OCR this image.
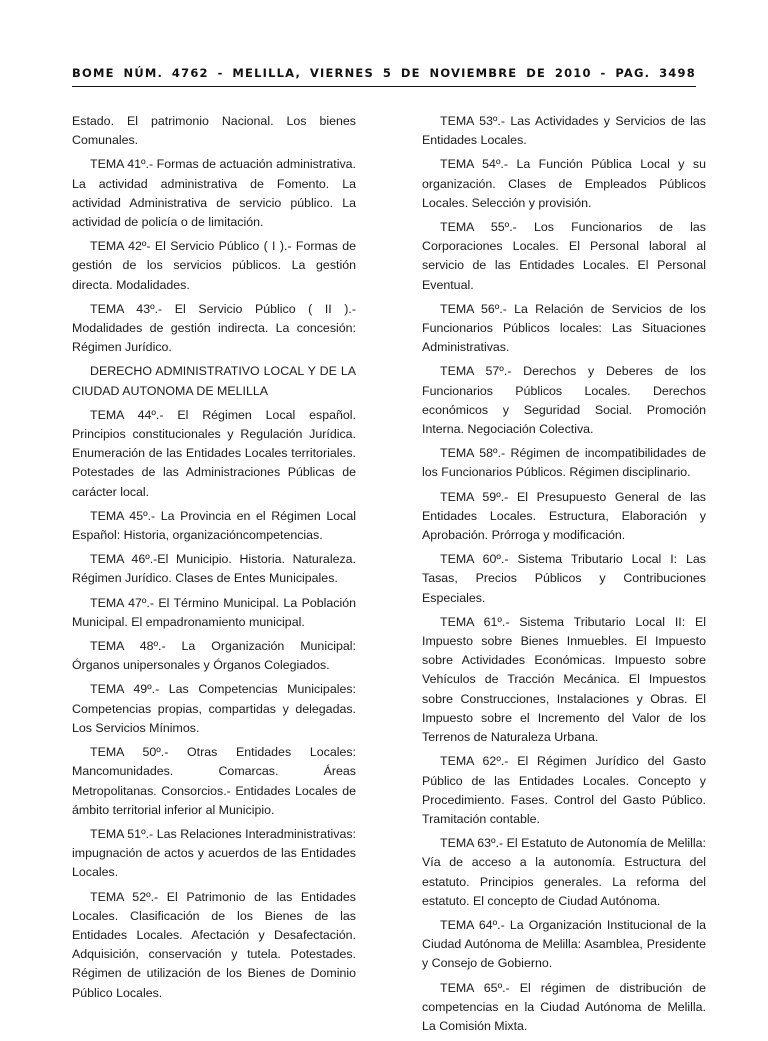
BOME NÚM. 4762 - MELILLA, VIERNES 5 DE NOVIEMBRE DE 2010 - PAG. 3498

Estado. El patrimonio Nacional. Los bienes Comunales.

TEMA 41º.- Formas de actuación administrativa. La actividad administrativa de Fomento. La actividad Administrativa de servicio público. La actividad de policía o de limitación.

TEMA 42º- El Servicio Público ( I ).- Formas de gestión de los servicios públicos. La gestión directa. Modalidades.

TEMA 43º.- El Servicio Público ( II ).- Modalidades de gestión indirecta. La concesión: Régimen Jurídico.

DERECHO ADMINISTRATIVO LOCAL Y DE LA CIUDAD AUTONOMA DE MELILLA

TEMA 44º.- El Régimen Local español. Principios constitucionales y Regulación Jurídica. Enumeración de las Entidades Locales territoriales. Potestades de las Administraciones Públicas de carácter local.

TEMA 45º.- La Provincia en el Régimen Local Español: Historia, organizacióncompetencias.

TEMA 46º.-El Municipio. Historia. Naturaleza. Régimen Jurídico. Clases de Entes Municipales.

TEMA 47º.- El Término Municipal. La Población Municipal. El empadronamiento municipal.

TEMA 48º.- La Organización Municipal: Órganos unipersonales y Órganos Colegiados.

TEMA 49º.- Las Competencias Municipales: Competencias propias, compartidas y delegadas. Los Servicios Mínimos.

TEMA 50º.- Otras Entidades Locales: Mancomunidades. Comarcas. Áreas Metropolitanas. Consorcios.- Entidades Locales de ámbito territorial inferior al Municipio.

TEMA 51º.- Las Relaciones Interadministrativas: impugnación de actos y acuerdos de las Entidades Locales.

TEMA 52º.- El Patrimonio de las Entidades Locales. Clasificación de los Bienes de las Entidades Locales. Afectación y Desafectación. Adquisición, conservación y tutela. Potestades. Régimen de utilización de los Bienes de Dominio Público Locales.

TEMA 53º.- Las Actividades y Servicios de las Entidades Locales.

TEMA 54º.- La Función Pública Local y su organización. Clases de Empleados Públicos Locales. Selección y provisión.

TEMA 55º.- Los Funcionarios de las Corporaciones Locales. El Personal laboral al servicio de las Entidades Locales. El Personal Eventual.

TEMA 56º.- La Relación de Servicios de los Funcionarios Públicos locales: Las Situaciones Administrativas.

TEMA 57º.- Derechos y Deberes de los Funcionarios Públicos Locales. Derechos económicos y Seguridad Social. Promoción Interna. Negociación Colectiva.

TEMA 58º.- Régimen de incompatibilidades de los Funcionarios Públicos. Régimen disciplinario.

TEMA 59º.- El Presupuesto General de las Entidades Locales. Estructura, Elaboración y Aprobación. Prórroga y modificación.

TEMA 60º.- Sistema Tributario Local I: Las Tasas, Precios Públicos y Contribuciones Especiales.

TEMA 61º.- Sistema Tributario Local II: El Impuesto sobre Bienes Inmuebles. El Impuesto sobre Actividades Económicas. Impuesto sobre Vehículos de Tracción Mecánica. El Impuestos sobre Construcciones, Instalaciones y Obras. El Impuesto sobre el Incremento del Valor de los Terrenos de Naturaleza Urbana.

TEMA 62º.- El Régimen Jurídico del Gasto Público de las Entidades Locales. Concepto y Procedimiento. Fases. Control del Gasto Público. Tramitación contable.

TEMA 63º.- El Estatuto de Autonomía de Melilla: Vía de acceso a la autonomía. Estructura del estatuto. Principios generales. La reforma del estatuto. El concepto de Ciudad Autónoma.

TEMA 64º.- La Organización Institucional de la Ciudad Autónoma de Melilla: Asamblea, Presidente y Consejo de Gobierno.

TEMA 65º.- El régimen de distribución de competencias en la Ciudad Autónoma de Melilla. La Comisión Mixta.
